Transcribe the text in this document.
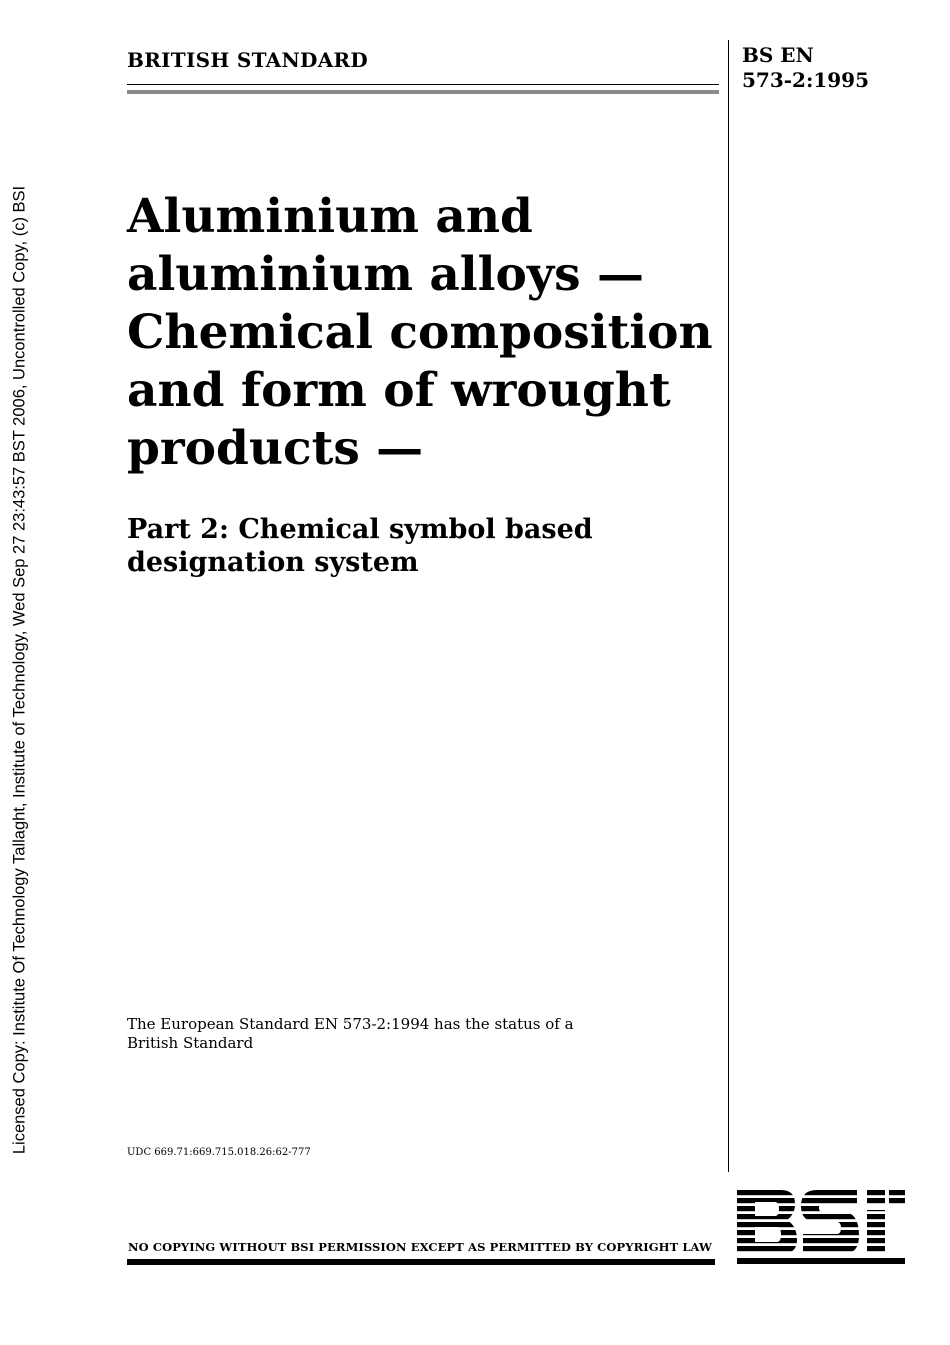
Licensed Copy: Institute Of Technology Tallaght, Institute of Technology, Wed Sep 27 23:43:57 BST 2006, Uncontrolled Copy, (c) BSI
BRITISH STANDARD	BS EN
573-2:1995
Aluminium and
aluminium alloys —
Chemical composition
and form of wrought
products —
Part 2: Chemical symbol based
designation system
The European Standard EN 573-2:1994 has the status of a
British Standard
UDC 669.71:669.715.018.26:62-777
NO COPYING WITHOUT BSI PERMISSION EXCEPT AS PERMITTED BY COPYRIGHT LAW
